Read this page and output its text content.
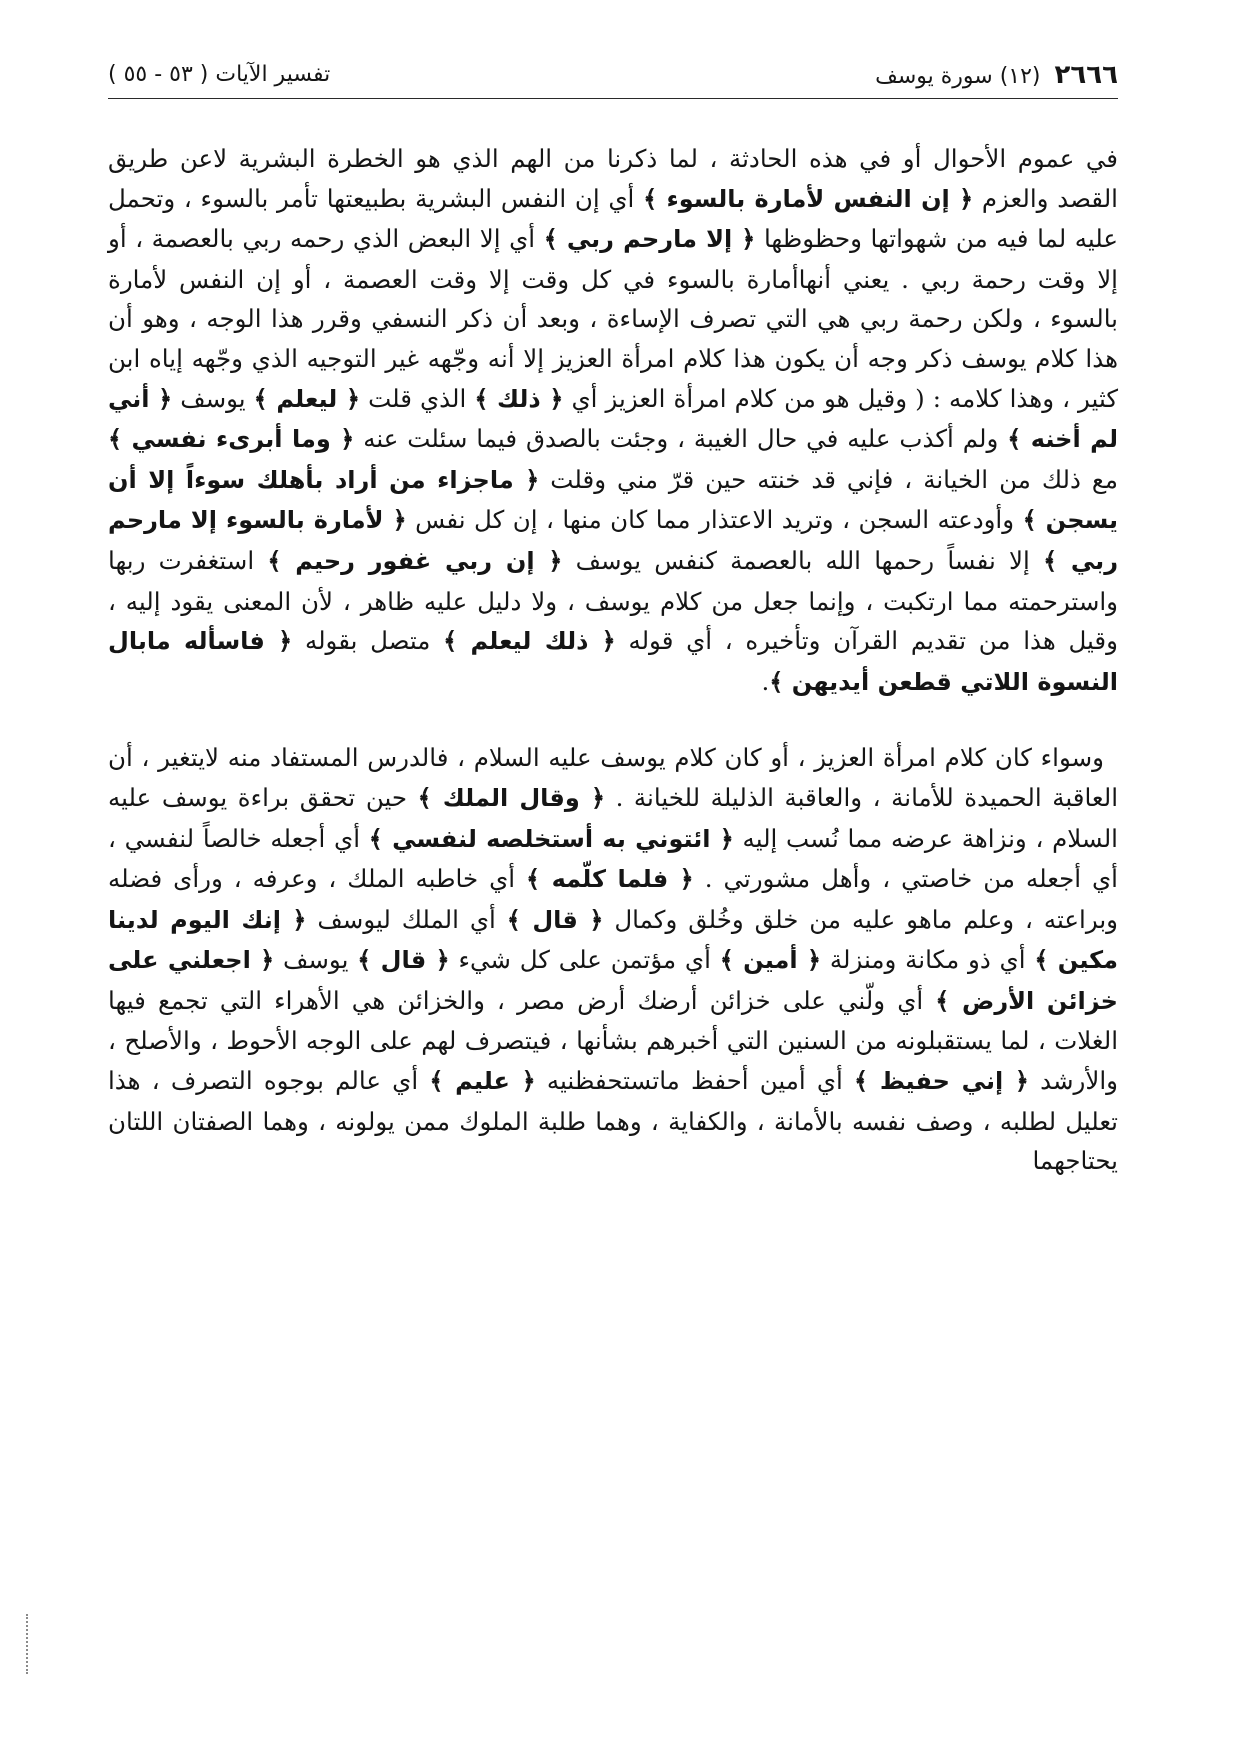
٢٦٦٦
(١٢) سورة يوسف
تفسير الآيات ( ٥٣ - ٥٥ )

في عموم الأحوال أو في هذه الحادثة ، لما ذكرنا من الهم الذي هو الخطرة البشرية لاعن طريق القصد والعزم ﴿ إن النفس لأمارة بالسوء ﴾ أي إن النفس البشرية بطبيعتها تأمر بالسوء ، وتحمل عليه لما فيه من شهواتها وحظوظها ﴿ إلا مارحم ربي ﴾ أي إلا البعض الذي رحمه ربي بالعصمة ، أو إلا وقت رحمة ربي . يعني أنهاأمارة بالسوء في كل وقت إلا وقت العصمة ، أو إن النفس لأمارة بالسوء ، ولكن رحمة ربي هي التي تصرف الإساءة ، وبعد أن ذكر النسفي وقرر هذا الوجه ، وهو أن هذا كلام يوسف ذكر وجه أن يكون هذا كلام امرأة العزيز إلا أنه وجّهه غير التوجيه الذي وجّهه إياه ابن كثير ، وهذا كلامه : ( وقيل هو من كلام امرأة العزيز أي ﴿ ذلك ﴾ الذي قلت ﴿ ليعلم ﴾ يوسف ﴿ أني لم أخنه ﴾ ولم أكذب عليه في حال الغيبة ، وجئت بالصدق فيما سئلت عنه ﴿ وما أبرىء نفسي ﴾ مع ذلك من الخيانة ، فإني قد خنته حين قرّ مني وقلت ﴿ ماجزاء من أراد بأهلك سوءاً إلا أن يسجن ﴾ وأودعته السجن ، وتريد الاعتذار مما كان منها ، إن كل نفس ﴿ لأمارة بالسوء إلا مارحم ربي ﴾ إلا نفساً رحمها الله بالعصمة كنفس يوسف ﴿ إن ربي غفور رحيم ﴾ استغفرت ربها واسترحمته مما ارتكبت ، وإنما جعل من كلام يوسف ، ولا دليل عليه ظاهر ، لأن المعنى يقود إليه ، وقيل هذا من تقديم القرآن وتأخيره ، أي قوله ﴿ ذلك ليعلم ﴾ متصل بقوله ﴿ فاسأله مابال النسوة اللاتي قطعن أيديهن ﴾.

وسواء كان كلام امرأة العزيز ، أو كان كلام يوسف عليه السلام ، فالدرس المستفاد منه لايتغير ، أن العاقبة الحميدة للأمانة ، والعاقبة الذليلة للخيانة . ﴿ وقال الملك ﴾ حين تحقق براءة يوسف عليه السلام ، ونزاهة عرضه مما نُسب إليه ﴿ ائتوني به أستخلصه لنفسي ﴾ أي أجعله خالصاً لنفسي ، أي أجعله من خاصتي ، وأهل مشورتي . ﴿ فلما كلّمه ﴾ أي خاطبه الملك ، وعرفه ، ورأى فضله وبراعته ، وعلم ماهو عليه من خلق وخُلق وكمال ﴿ قال ﴾ أي الملك ليوسف ﴿ إنك اليوم لدينا مكين ﴾ أي ذو مكانة ومنزلة ﴿ أمين ﴾ أي مؤتمن على كل شيء ﴿ قال ﴾ يوسف ﴿ اجعلني على خزائن الأرض ﴾ أي ولّني على خزائن أرضك أرض مصر ، والخزائن هي الأهراء التي تجمع فيها الغلات ، لما يستقبلونه من السنين التي أخبرهم بشأنها ، فيتصرف لهم على الوجه الأحوط ، والأصلح ، والأرشد ﴿ إني حفيظ ﴾ أي أمين أحفظ ماتستحفظنيه ﴿ عليم ﴾ أي عالم بوجوه التصرف ، هذا تعليل لطلبه ، وصف نفسه بالأمانة ، والكفاية ، وهما طلبة الملوك ممن يولونه ، وهما الصفتان اللتان يحتاجهما
